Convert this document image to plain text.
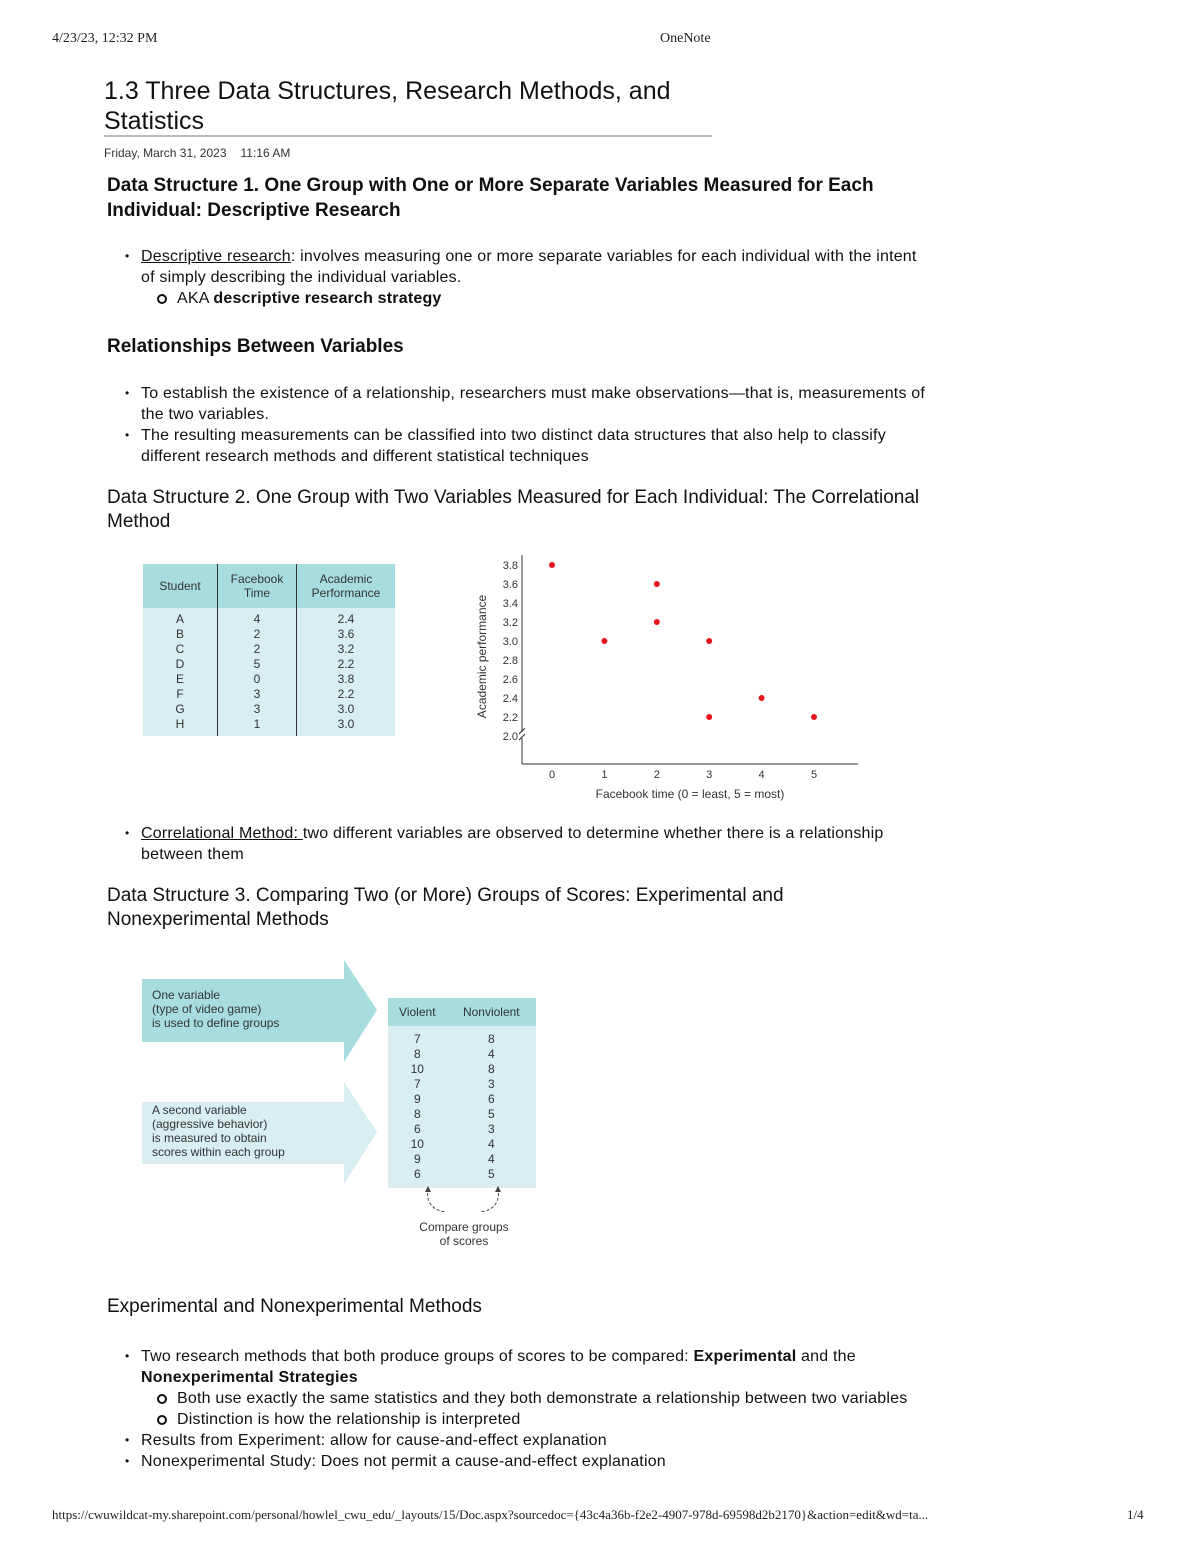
4/23/23, 12:32 PM	OneNote
1.3 Three Data Structures, Research Methods, and Statistics
Friday, March 31, 2023 11:16 AM
Data Structure 1. One Group with One or More Separate Variables Measured for Each Individual: Descriptive Research
• Descriptive research: involves measuring one or more separate variables for each individual with the intent of simply describing the individual variables.
AKA descriptive research strategy
Relationships Between Variables
• To establish the existence of a relationship, researchers must make observations—that is, measurements of the two variables.
• The resulting measurements can be classified into two distinct data structures that also help to classify different research methods and different statistical techniques
Data Structure 2. One Group with Two Variables Measured for Each Individual: The Correlational Method
Student	Facebook Time	Academic Performance

A	4	2.4
B	2	3.6
C	2	3.2
D	5	2.2
E	0	3.8
F	3	2.2
G	3	3.0
H	1	3.0

2.0
2.2
2.4
2.6
2.8
3.0
3.2
3.4
3.6
3.8
0	1	2	3	4	5
Facebook time (0 = least, 5 = most)
Academic performance
• Correlational Method: two different variables are observed to determine whether there is a relationship between them
Data Structure 3. Comparing Two (or More) Groups of Scores: Experimental and Nonexperimental Methods
One variable
(type of video game)
is used to define groups
A second variable
(aggressive behavior)
is measured to obtain
scores within each group
Violent	Nonviolent

7	8
8	4
10	8
7	3
9	6
8	5
6	3
10	4
9	4
6	5

Compare groups
of scores
Experimental and Nonexperimental Methods
• Two research methods that both produce groups of scores to be compared: Experimental and the Nonexperimental Strategies
Both use exactly the same statistics and they both demonstrate a relationship between two variables
Distinction is how the relationship is interpreted
• Results from Experiment: allow for cause-and-effect explanation
• Nonexperimental Study: Does not permit a cause-and-effect explanation
https://cwuwildcat-my.sharepoint.com/personal/howlel_cwu_edu/_layouts/15/Doc.aspx?sourcedoc={43c4a36b-f2e2-4907-978d-69598d2b2170}&action=edit&wd=ta...	1/4
